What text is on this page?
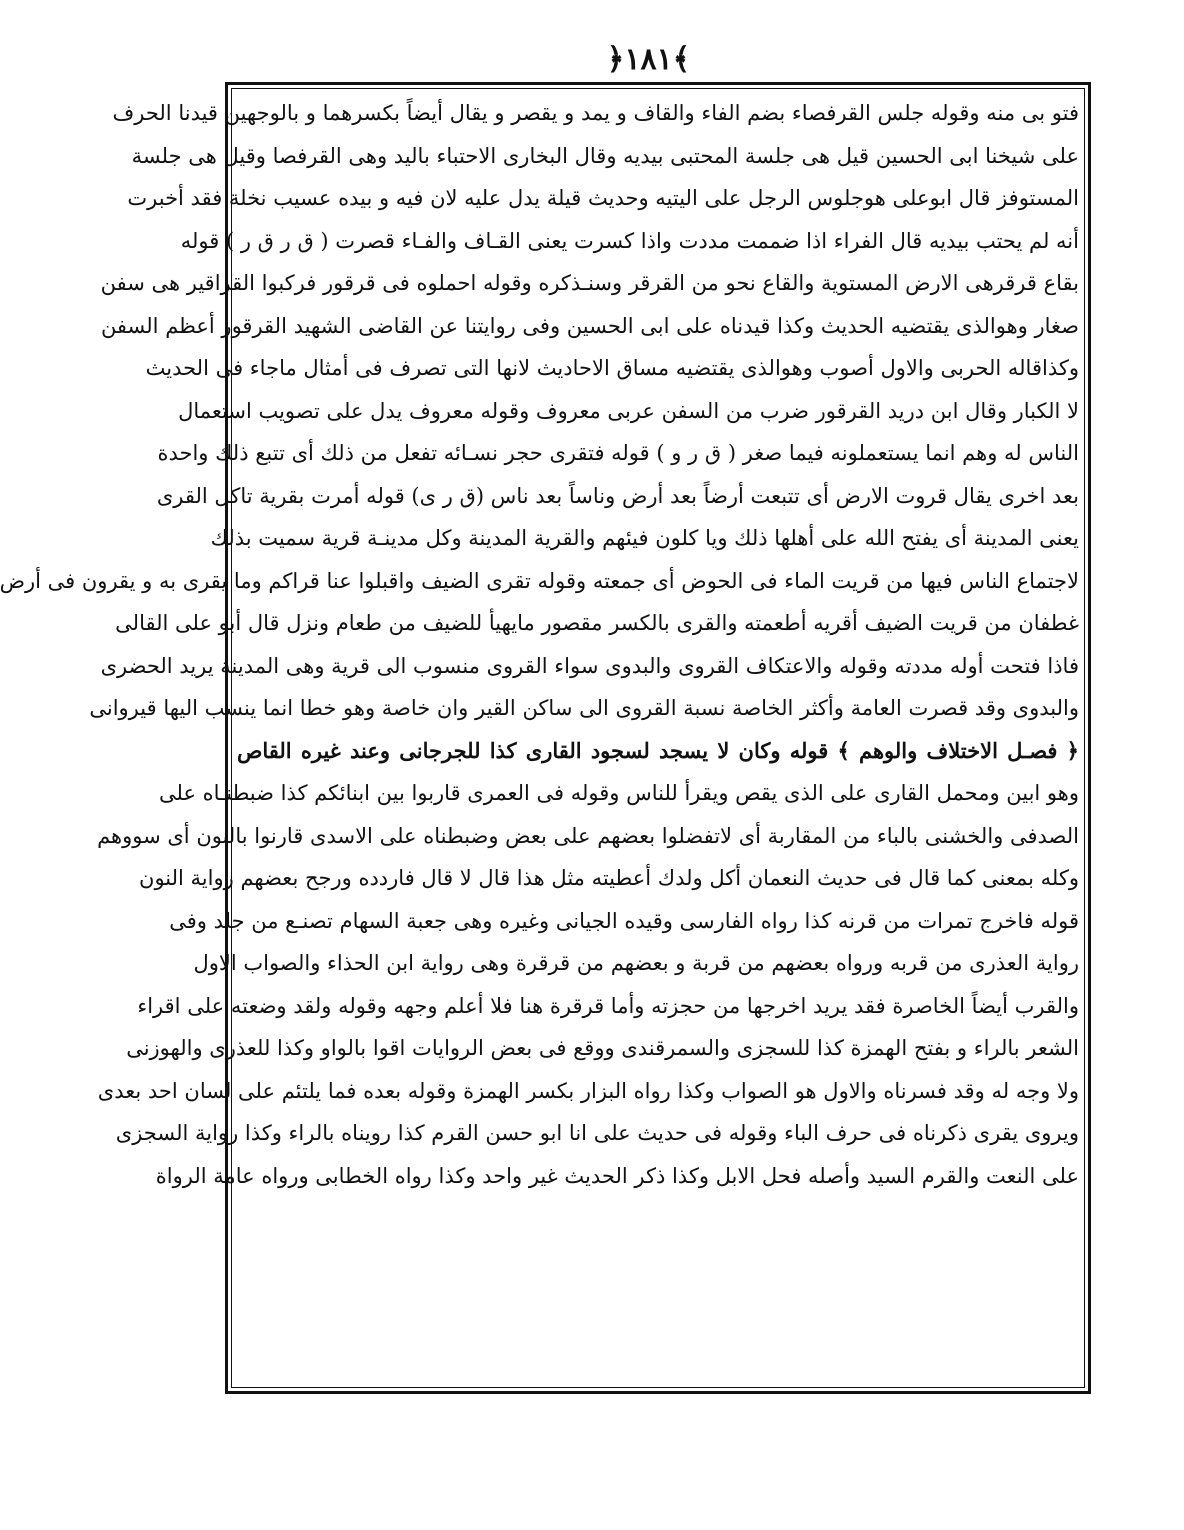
﴿١٨١﴾
فتو بى منه وقوله جلس القرفصاء بضم الفاء والقاف و يمد و يقصر و يقال أيضاً بكسرهما و بالوجهين قيدنا الحرف
على شيخنا ابى الحسين قيل هى جلسة المحتبى بيديه وقال البخارى الاحتباء باليد وهى القرفصا وقيل هى جلسة
المستوفز قال ابوعلى هوجلوس الرجل على اليتيه وحديث قيلة يدل عليه لان فيه و بيده عسيب نخلة فقد أخبرت
أنه لم يحتب بيديه قال الفراء اذا ضممت مددت واذا كسرت يعنى القـاف والفـاء قصرت ( ق ر ق ر ) قوله
بقاع قرقرهى الارض المستوية والقاع نحو من القرقر وسنـذكره وقوله احملوه فى قرقور فركبوا القراقير هى سفن
صغار وهوالذى يقتضيه الحديث وكذا قيدناه على ابى الحسين وفى روايتنا عن القاضى الشهيد القرقور أعظم السفن
وكذاقاله الحربى والاول أصوب وهوالذى يقتضيه مساق الاحاديث لانها التى تصرف فى أمثال ماجاء فى الحديث
لا الكبار وقال ابن دريد القرقور ضرب من السفن عربى معروف وقوله معروف يدل على تصويب استعمال
الناس له وهم انما يستعملونه فيما صغر ( ق ر و ) قوله فتقرى حجر نسـائه تفعل من ذلك أى تتبع ذلك واحدة
بعد اخرى يقال قروت الارض أى تتبعت أرضاً بعد أرض وناساً بعد ناس (ق ر ى) قوله أمرت بقرية تاكل القرى
يعنى المدينة أى يفتح الله على أهلها ذلك ويا كلون فيئهم والقرية المدينة وكل مدينـة قرية سميت بذلك
لاجتماع الناس فيها من قريت الماء فى الحوض أى جمعته وقوله تقرى الضيف واقبلوا عنا قراكم وما يقرى به و يقرون فى أرض
غطفان من قريت الضيف أقريه أطعمته والقرى بالكسر مقصور مايهيأ للضيف من طعام ونزل قال أبو على القالى
فاذا فتحت أوله مددته وقوله والاعتكاف القروى والبدوى سواء القروى منسوب الى قرية وهى المدينة يريد الحضرى
والبدوى وقد قصرت العامة وأكثر الخاصة نسبة القروى الى ساكن القير وان خاصة وهو خطا انما ينسب اليها قيروانى
﴿ فصـل الاختلاف والوهم ﴾ قوله وكان لا يسجد لسجود القارى كذا للجرجانى وعند غيره القاص
وهو ابين ومحمل القارى على الذى يقص ويقرأ للناس وقوله فى العمرى قاربوا بين ابنائكم كذا ضبطنـاه على
الصدفى والخشنى بالباء من المقاربة أى لاتفضلوا بعضهم على بعض وضبطناه على الاسدى قارنوا بالنون أى سووهم
وكله بمعنى كما قال فى حديث النعمان أكل ولدك أعطيته مثل هذا قال لا قال فاردده ورجح بعضهم رواية النون
قوله فاخرج تمرات من قرنه كذا رواه الفارسى وقيده الجيانى وغيره وهى جعبة السهام تصنـع من جلد وفى
رواية العذرى من قربه ورواه بعضهم من قربة و بعضهم من قرقرة وهى رواية ابن الحذاء والصواب الاول
والقرب أيضاً الخاصرة فقد يريد اخرجها من حجزته وأما قرقرة هنا فلا أعلم وجهه وقوله ولقد وضعته على اقراء
الشعر بالراء و بفتح الهمزة كذا للسجزى والسمرقندى ووقع فى بعض الروايات اقوا بالواو وكذا للعذرى والهوزنى
ولا وجه له وقد فسرناه والاول هو الصواب وكذا رواه البزار بكسر الهمزة وقوله بعده فما يلتئم على لسان احد بعدى
ويروى يقرى ذكرناه فى حرف الباء وقوله فى حديث على انا ابو حسن القرم كذا رويناه بالراء وكذا رواية السجزى
على النعت والقرم السيد وأصله فحل الابل وكذا ذكر الحديث غير واحد وكذا رواه الخطابى ورواه عامة الرواة
